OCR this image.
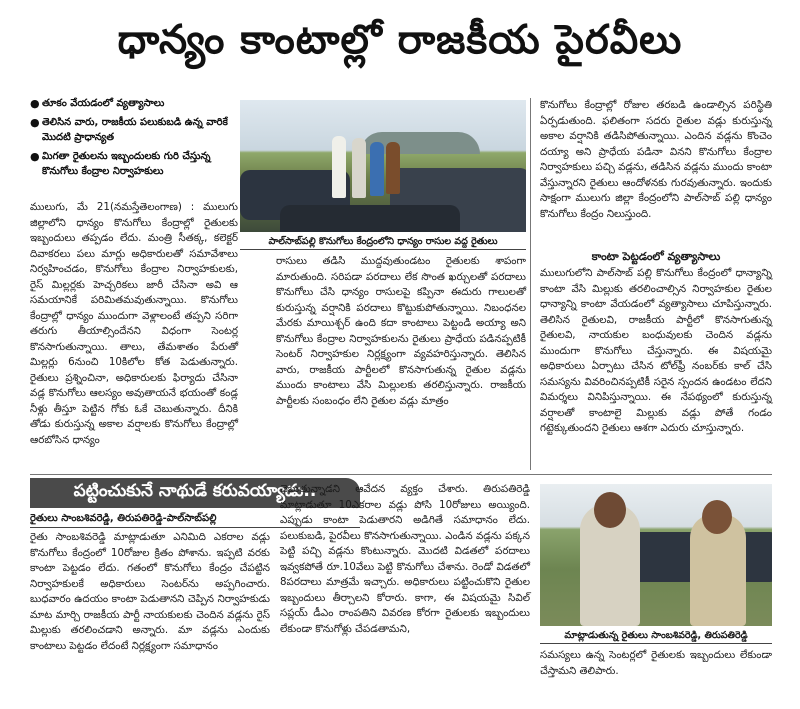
ధాన్యం కాంటాల్లో రాజకీయ పైరవీలు
● తూకం వేయడంలో వ్యత్యాసాలు
● తెలిసిన వారు, రాజకీయ పలుకుబడి ఉన్న వారికే మొదటి ప్రాధాన్యత
● మిగతా రైతులను ఇబ్బందులకు గురి చేస్తున్న కొనుగోలు కేంద్రాల నిర్వాహకులు
పాల్‌సాబ్‌పల్లి కొనుగోలు కేంద్రంలోని ధాన్యం రాసుల వద్ద రైతులు
ములుగు, మే 21(నమస్తేతెలంగాణ) : ములుగు జిల్లాలోని ధాన్యం కొనుగోలు కేంద్రాల్లో రైతులకు ఇబ్బందులు తప్పడం లేదు. మంత్రి సీతక్క, కలెక్టర్ దివాకరలు పలు మార్లు అధికారులతో సమావేశాలు నిర్వహించడం, కొనుగోలు కేంద్రాల నిర్వాహకులకు, రైస్ మిల్లర్లకు హెచ్చరికలు జారీ చేసినా అవి ఆ సమయానికే పరిమితమవుతున్నాయి. కొనుగోలు కేంద్రాల్లో ధాన్యం ముందుగా వెళ్లాలంటే తప్పని సరిగా తరుగు తీయాల్సిందేనని విధంగా సెంటర్ల కొనసాగుతున్నాయి. తాలు, తేమశాతం పేరుతో మిల్లర్లు 6నుంచి 10కిలోల కోత పెడుతున్నారు. రైతులు ప్రశ్నించినా, అధికారులకు ఫిర్యాదు చేసినా వడ్ల కొనుగోలు ఆలస్యం అవుతాయనే భయంతో కండ్ల నీళ్లు తీస్తూ పెట్టిన గోకు ఓకే చెబుతున్నారు. దీనికి తోడు కురుస్తున్న అకాల వర్షాలకు కొనుగోలు కేంద్రాల్లో ఆరబోసిన ధాన్యం
రాసులు తడిసి ముద్దవుతుండటం రైతులకు శాపంగా మారుతుంది. సరిపడా పరదాలు లేక సొంత ఖర్చులతో పరదాలు కొనుగోలు చేసి ధాన్యం రాసులపై కప్పినా ఈదురు గాలులతో కురుస్తున్న వర్షానికి పరదాలు కొట్టుకుపోతున్నాయి. నిబంధనల మేరకు మాయిశ్చర్ ఉంది కదా కాంటాలు పెట్టండి అయ్యా అని కొనుగోలు కేంద్రాల నిర్వాహకులను రైతులు ప్రాధేయ పడినప్పటికీ సెంటర్ నిర్వాహకుల నిర్లక్ష్యంగా వ్యవహరిస్తున్నారు. తెలిసిన వారు, రాజకీయ పార్టీలలో కొనసాగుతున్న రైతుల వడ్లను ముందు కాంటాలు వేసి మిల్లులకు తరలిస్తున్నారు. రాజకీయ పార్టీలకు సంబంధం లేని రైతుల వడ్లు మాత్రం
కొనుగోలు కేంద్రాల్లో రోజుల తరబడి ఉండాల్సిన పరిస్థితి ఏర్పడుతుంది. ఫలితంగా సదరు రైతుల వడ్లు కురుస్తున్న అకాల వర్షానికి తడిసిపోతున్నాయి. ఎందిన వడ్లను కొంచెం దయ్యా అని ప్రాధేయ పడినా వినని కొనుగోలు కేంద్రాల నిర్వాహకులు పచ్చి వడ్లను, తడిసిన వడ్లను ముందు కాంటా వేస్తున్నారని రైతులు ఆందోళనకు గురవుతున్నారు. ఇందుకు సాక్షంగా ములుగు జిల్లా కేంద్రంలోని పాల్‌సాబ్ పల్లి ధాన్యం కొనుగోలు కేంద్రం నిలుస్తుంది.
కాంటా పెట్టడంలో వ్యత్యాసాలు
ములుగులోని పాల్‌సాబ్ పల్లి కొనుగోలు కేంద్రంలో ధాన్యాన్ని కాంటా వేసి మిల్లుకు తరలించాల్సిన నిర్వాహకుల రైతుల ధాన్యాన్ని కాంటా వేయడంలో వ్యత్యాసాలు చూపిస్తున్నారు. తెలిసిన రైతులవి, రాజకీయ పార్టీలో కొనసాగుతున్న రైతులవి, నాయకుల బంధువులకు చెందిన వడ్లను ముందుగా కొనుగోలు చేస్తున్నారు. ఈ విషయమై అధికారులు ఏర్పాటు చేసిన టోల్‌ఫ్రీ నంబర్‌కు కాల్ చేసి సమస్యను వివరించినప్పటికీ సరైన స్పందన ఉండటం లేదని విమర్శలు వినిపిస్తున్నాయి. ఈ నేపథ్యంలో కురుస్తున్న వర్షాలతో కాంటాలై మిల్లుకు వడ్లు పోతే గండం గట్టెక్కుతుందని రైతులు ఆశగా ఎదురు చూస్తున్నారు.
పట్టించుకునే నాథుడే కరువయ్యాడు..
రైతులు సాంబశివరెడ్డి, తిరుపతిరెడ్డి-పాల్‌సాబ్‌పల్లి
రైతు సాంబశివరెడ్డి మాట్లాడుతూ ఎనిమిది ఎకరాల వడ్లు కొనుగోలు కేంద్రంలో 10రోజుల క్రితం పోశాను. ఇప్పటి వరకు కాంటా పెట్టడం లేదు. గతంలో కొనుగోలు కేంద్రం చేపట్టిన నిర్వాహకులకే అధికారులు సెంటర్‌ను అప్పగించారు. బుధవారం ఉదయం కాంటా పెడుతానని చెప్పిన నిర్వాహకుడు మాట మార్చి రాజకీయ పార్టీ నాయకులకు చెందిన వడ్లను రైస్ మిల్లుకు తరలించడాని అన్నారు. మా వడ్లను ఎందుకు కాంటాలు పెట్టడం లేదంటే నిర్లక్ష్యంగా సమాధానం
చెబుతున్నాడని ఆవేదన వ్యక్తం చేశారు. తిరుపతిరెడ్డి మాట్లాడుతూ 10ఎకరాల వడ్లు పోసి 10రోజులు అయ్యింది. ఎప్పుడు కాంటా పెడుతారని అడిగితే సమాధానం లేదు. పలుకుబడి, పైరవీలు కొనసాగుతున్నాయి. ఎండిన వడ్లను పక్కన పెట్టి పచ్చి వడ్లను కొంటున్నారు. మొదటి విడతలో పరదాలు ఇవ్వకపోతే రూ.10వేలు పెట్టి కొనుగోలు చేశాను. రెండో విడతలో 8పరదాలు మాత్రమే ఇచ్చారు. అధికారులు పట్టించుకొని రైతుల ఇబ్బందులు తీర్చాలని కోరారు. కాగా, ఈ విషయమై సివిల్ సప్లయ్ డీఎం రాంపతిని వివరణ కోరగా రైతులకు ఇబ్బందులు లేకుండా కొనుగోళ్లు చేపడతామని,
మాట్లాడుతున్న రైతులు సాంబశివరెడ్డి, తిరుపతిరెడ్డి
సమస్యలు ఉన్న సెంటర్లలో రైతులకు ఇబ్బందులు లేకుండా చేస్తామని తెలిపారు.
